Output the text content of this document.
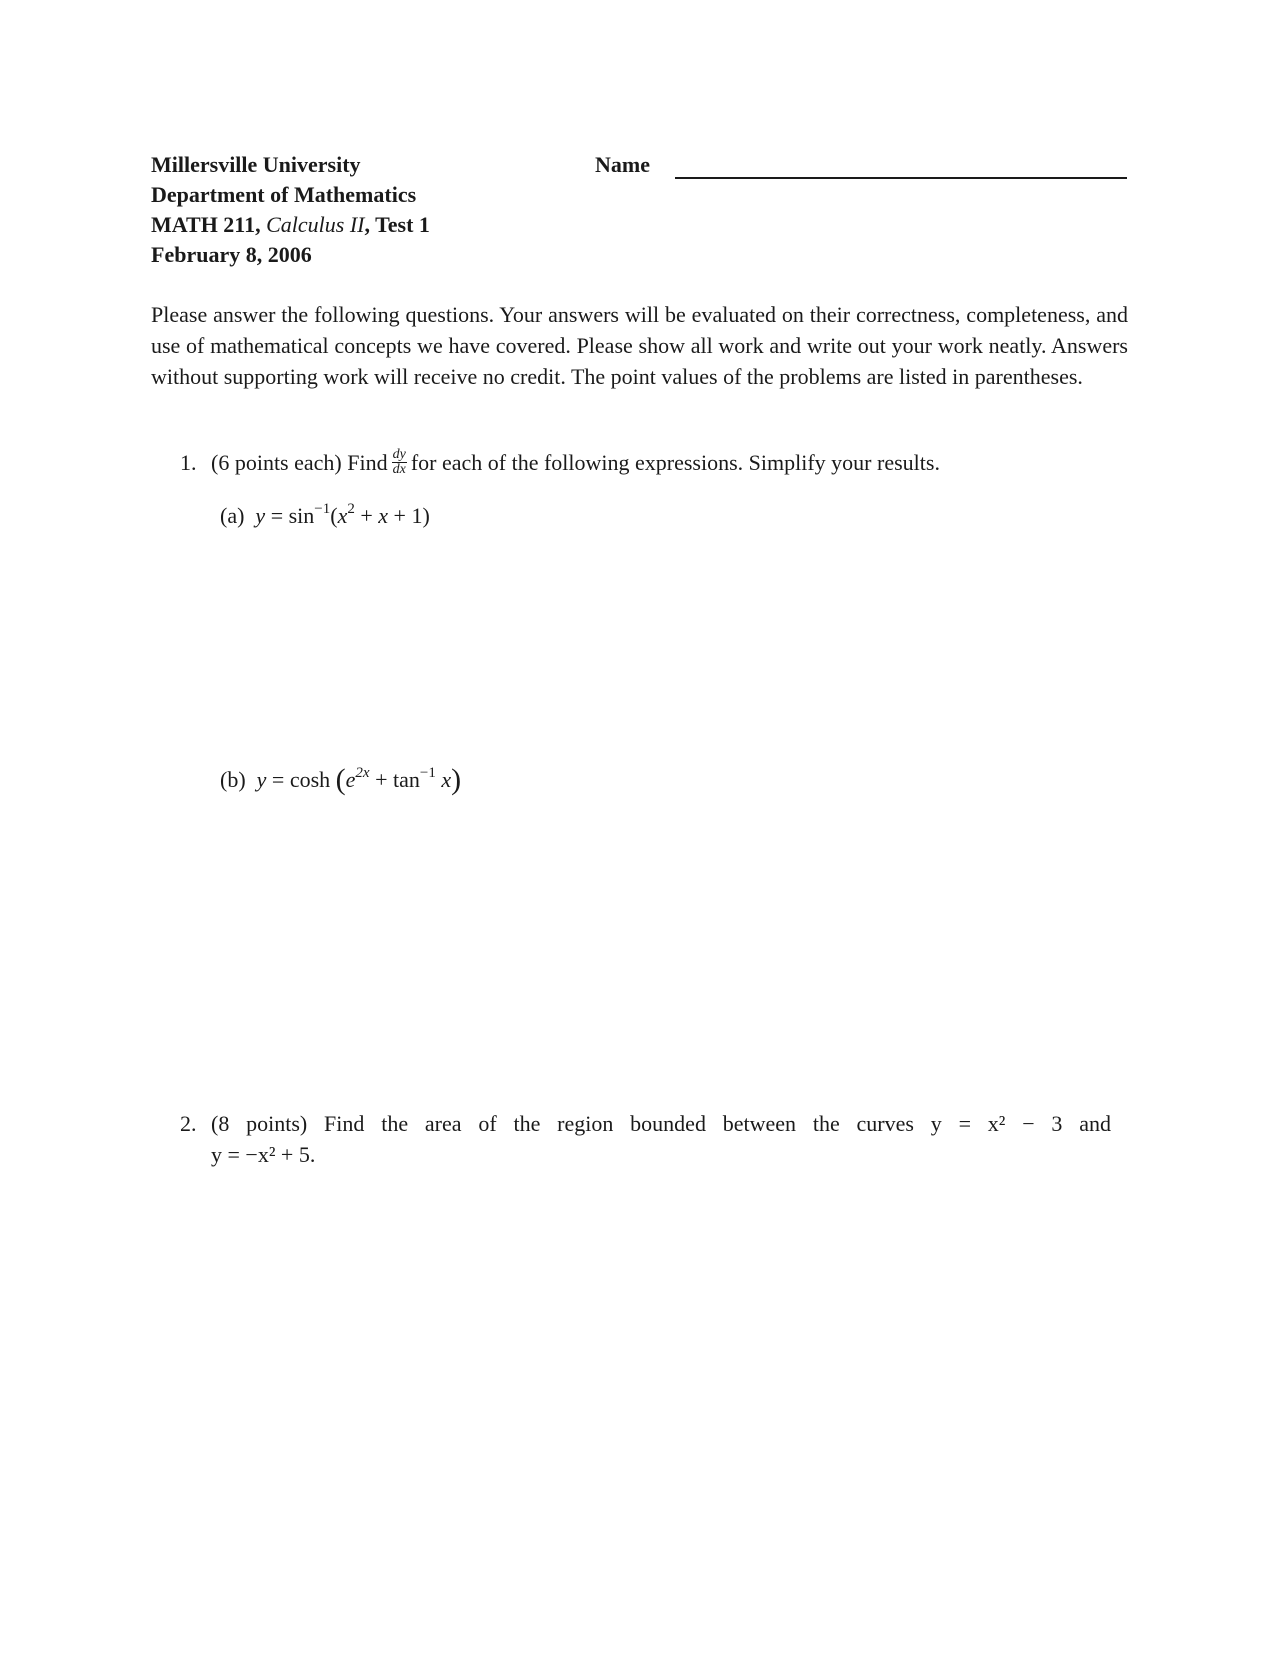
Millersville University
Department of Mathematics
MATH 211, Calculus II, Test 1
February 8, 2006
Name
Please answer the following questions. Your answers will be evaluated on their correctness, completeness, and use of mathematical concepts we have covered. Please show all work and write out your work neatly. Answers without supporting work will receive no credit. The point values of the problems are listed in parentheses.
1. (6 points each) Find $\frac{dy}{dx}$ for each of the following expressions. Simplify your results.
(a) $y = \sin^{-1}(x^2 + x + 1)$
(b) $y = \cosh (e^{2x} + \tan^{-1} x)$
2. (8 points) Find the area of the region bounded between the curves y = x² − 3 and
y = −x² + 5.
